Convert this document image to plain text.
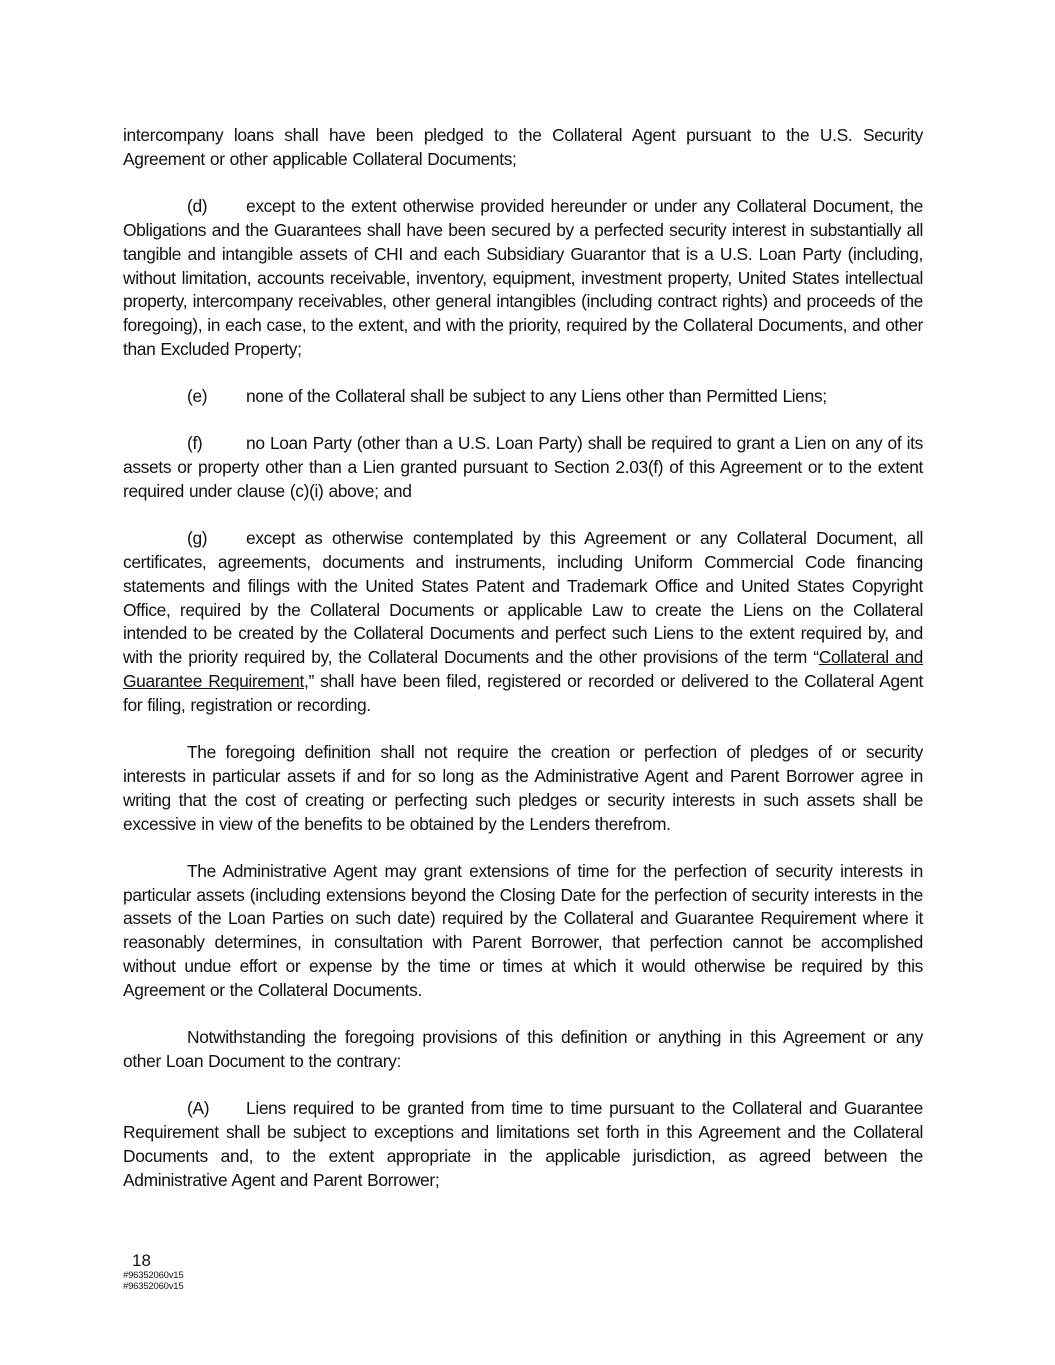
intercompany loans shall have been pledged to the Collateral Agent pursuant to the U.S. Security Agreement or other applicable Collateral Documents;

(d) except to the extent otherwise provided hereunder or under any Collateral Document, the Obligations and the Guarantees shall have been secured by a perfected security interest in substantially all tangible and intangible assets of CHI and each Subsidiary Guarantor that is a U.S. Loan Party (including, without limitation, accounts receivable, inventory, equipment, investment property, United States intellectual property, intercompany receivables, other general intangibles (including contract rights) and proceeds of the foregoing), in each case, to the extent, and with the priority, required by the Collateral Documents, and other than Excluded Property;

(e) none of the Collateral shall be subject to any Liens other than Permitted Liens;

(f)	no Loan Party (other than a U.S. Loan Party) shall be required to grant a Lien on any of its assets or property other than a Lien granted pursuant to Section 2.03(f) of this Agreement or to the extent required under clause (c)(i) above; and

(g) except as otherwise contemplated by this Agreement or any Collateral Document, all certificates, agreements, documents and instruments, including Uniform Commercial Code financing statements and filings with the United States Patent and Trademark Office and United States Copyright Office, required by the Collateral Documents or applicable Law to create the Liens on the Collateral intended to be created by the Collateral Documents and perfect such Liens to the extent required by, and with the priority required by, the Collateral Documents and the other provisions of the term “Collateral and Guarantee Requirement,” shall have been filed, registered or recorded or delivered to the Collateral Agent for filing, registration or recording.

The foregoing definition shall not require the creation or perfection of pledges of or security interests in particular assets if and for so long as the Administrative Agent and Parent Borrower agree in writing that the cost of creating or perfecting such pledges or security interests in such assets shall be excessive in view of the benefits to be obtained by the Lenders therefrom.

The Administrative Agent may grant extensions of time for the perfection of security interests in particular assets (including extensions beyond the Closing Date for the perfection of security interests in the assets of the Loan Parties on such date) required by the Collateral and Guarantee Requirement where it reasonably determines, in consultation with Parent Borrower, that perfection cannot be accomplished without undue effort or expense by the time or times at which it would otherwise be required by this Agreement or the Collateral Documents.

Notwithstanding the foregoing provisions of this definition or anything in this Agreement or any other Loan Document to the contrary:

(A) Liens required to be granted from time to time pursuant to the Collateral and Guarantee Requirement shall be subject to exceptions and limitations set forth in this Agreement and the Collateral Documents and, to the extent appropriate in the applicable jurisdiction, as agreed between the Administrative Agent and Parent Borrower;

18
#96352060v15
#96352060v15
